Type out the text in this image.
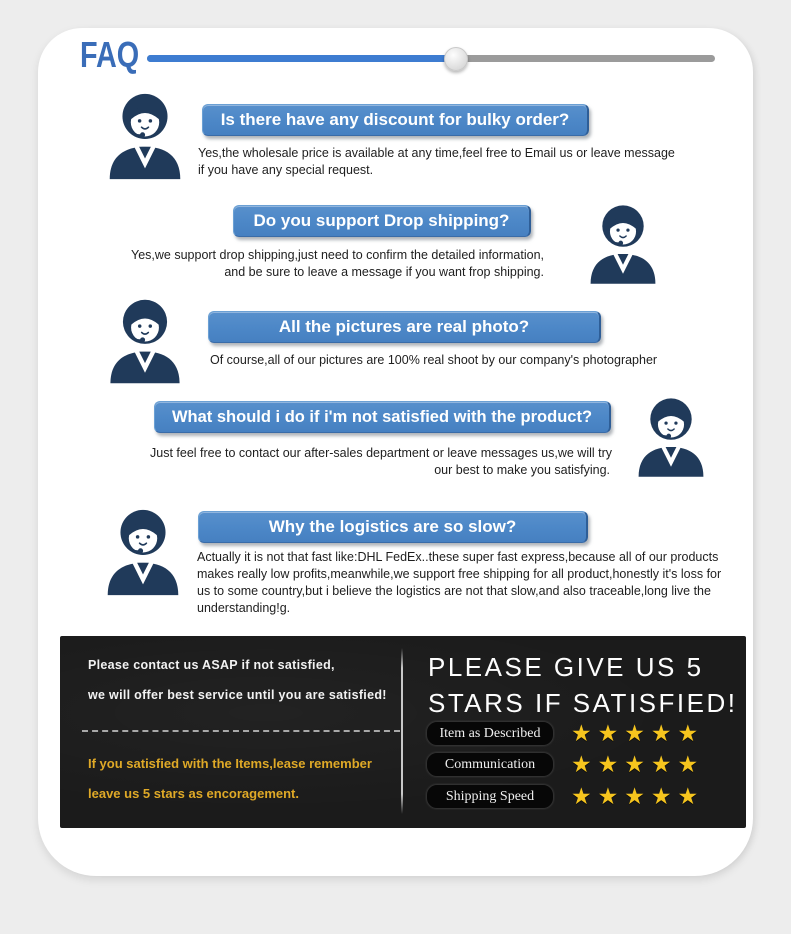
FAQ
Is there have any discount for bulky order?
Yes,the wholesale price is available at any time,feel free to Email us or leave message
if you have any special request.
Do you support Drop shipping?
Yes,we support drop shipping,just need to confirm the detailed information,
and be sure to leave a message if you want frop shipping.
All the pictures are real photo?
Of course,all of our pictures are 100% real shoot by our company's photographer
What should i do if i'm not satisfied with the product?
Just feel free to contact our after-sales department or leave messages us,we will try
our best to make you satisfying.
Why the logistics are so slow?
Actually it is not that fast like:DHL FedEx..these super fast express,because all of our products
makes really low profits,meanwhile,we support free shipping for all product,honestly it's loss for
us to some country,but i believe the logistics are not that slow,and also traceable,long live the
understanding!g.
Please contact us ASAP if not satisfied,
we will offer best service until you are satisfied!
If you satisfied with the Items,lease remember
leave us 5 stars as encoragement.
PLEASE GIVE US 5
STARS IF SATISFIED!
Item as Described	★★★★★
Communication	★★★★★
Shipping Speed	★★★★★
